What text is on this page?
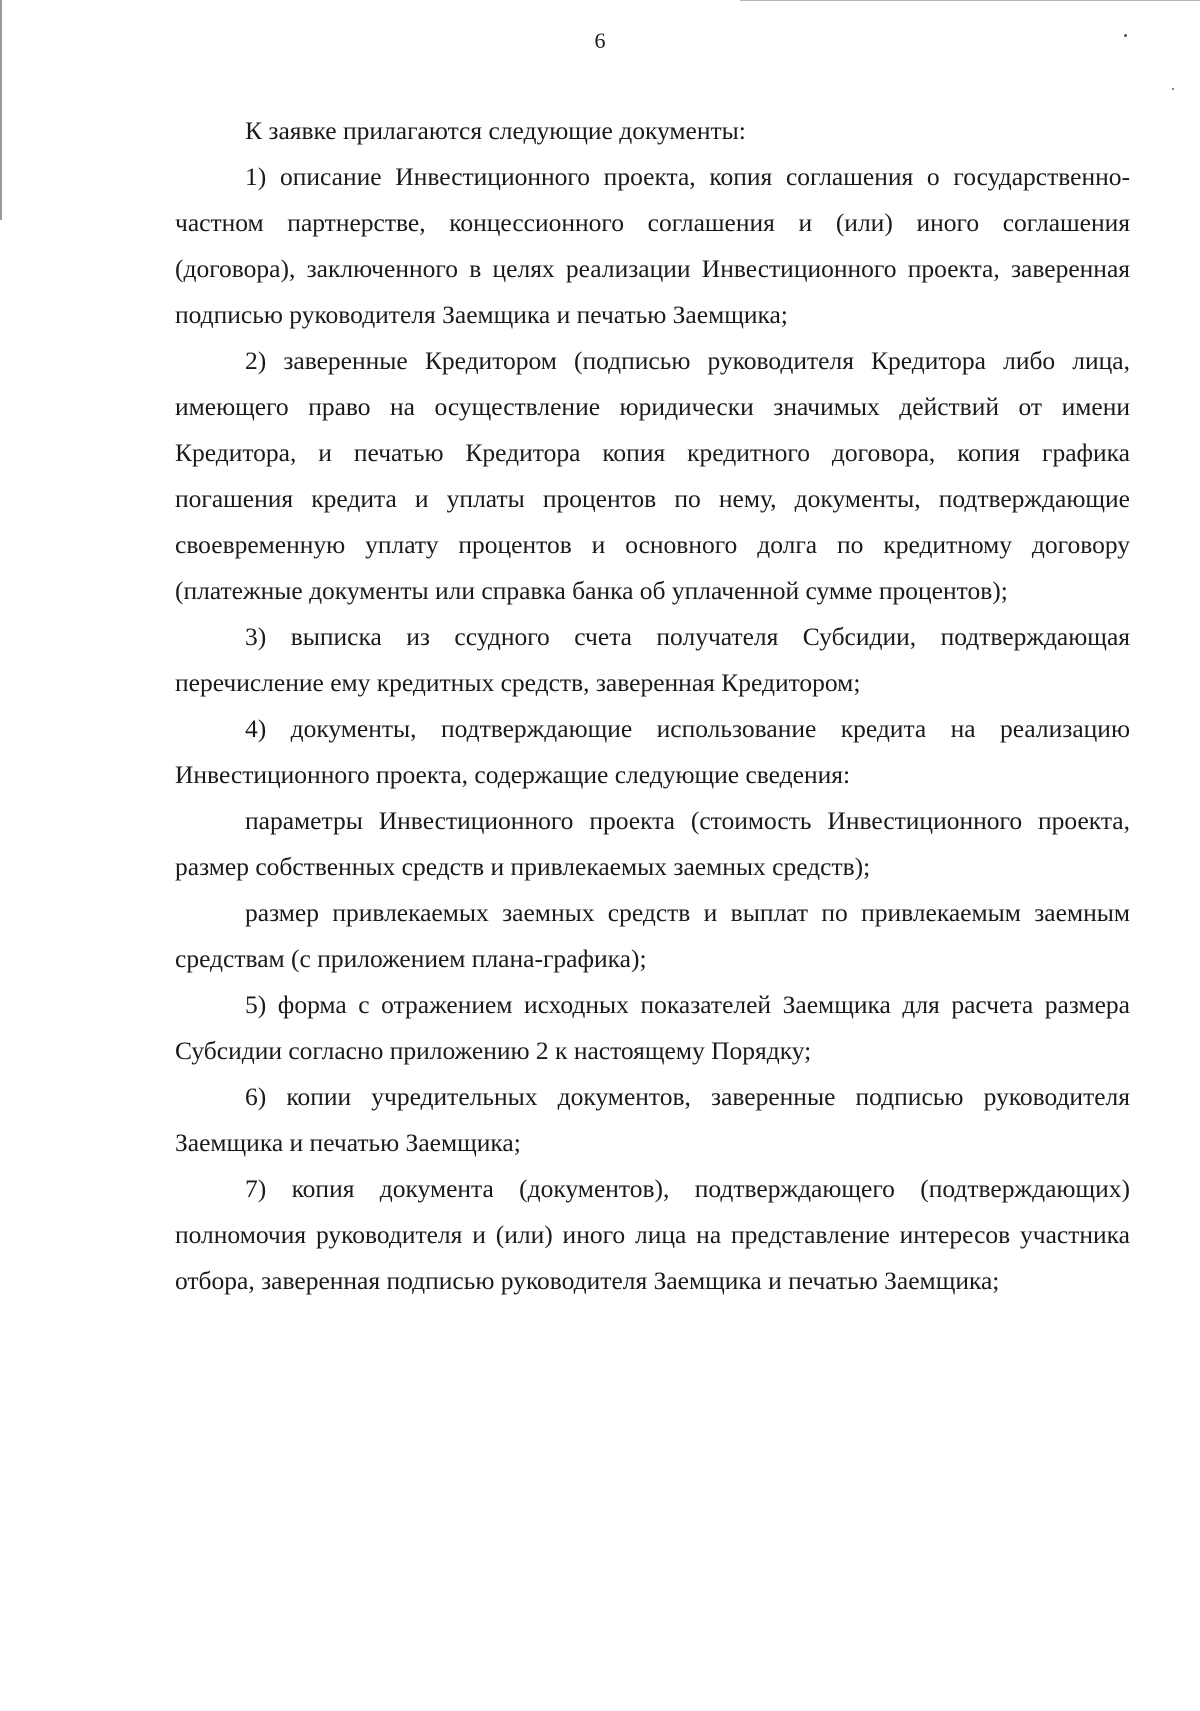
6

К заявке прилагаются следующие документы:

1) описание Инвестиционного проекта, копия соглашения о государственно-частном партнерстве, концессионного соглашения и (или) иного соглашения (договора), заключенного в целях реализации Инвестиционного проекта, заверенная подписью руководителя Заемщика и печатью Заемщика;

2) заверенные Кредитором (подписью руководителя Кредитора либо лица, имеющего право на осуществление юридически значимых действий от имени Кредитора, и печатью Кредитора копия кредитного договора, копия графика погашения кредита и уплаты процентов по нему, документы, подтверждающие своевременную уплату процентов и основного долга по кредитному договору (платежные документы или справка банка об уплаченной сумме процентов);

3) выписка из ссудного счета получателя Субсидии, подтверждающая перечисление ему кредитных средств, заверенная Кредитором;

4) документы, подтверждающие использование кредита на реализацию Инвестиционного проекта, содержащие следующие сведения:

параметры Инвестиционного проекта (стоимость Инвестиционного проекта, размер собственных средств и привлекаемых заемных средств);

размер привлекаемых заемных средств и выплат по привлекаемым заемным средствам (с приложением плана-графика);

5) форма с отражением исходных показателей Заемщика для расчета размера Субсидии согласно приложению 2 к настоящему Порядку;

6) копии учредительных документов, заверенные подписью руководителя Заемщика и печатью Заемщика;

7) копия документа (документов), подтверждающего (подтверждающих) полномочия руководителя и (или) иного лица на представление интересов участника отбора, заверенная подписью руководителя Заемщика и печатью Заемщика;
